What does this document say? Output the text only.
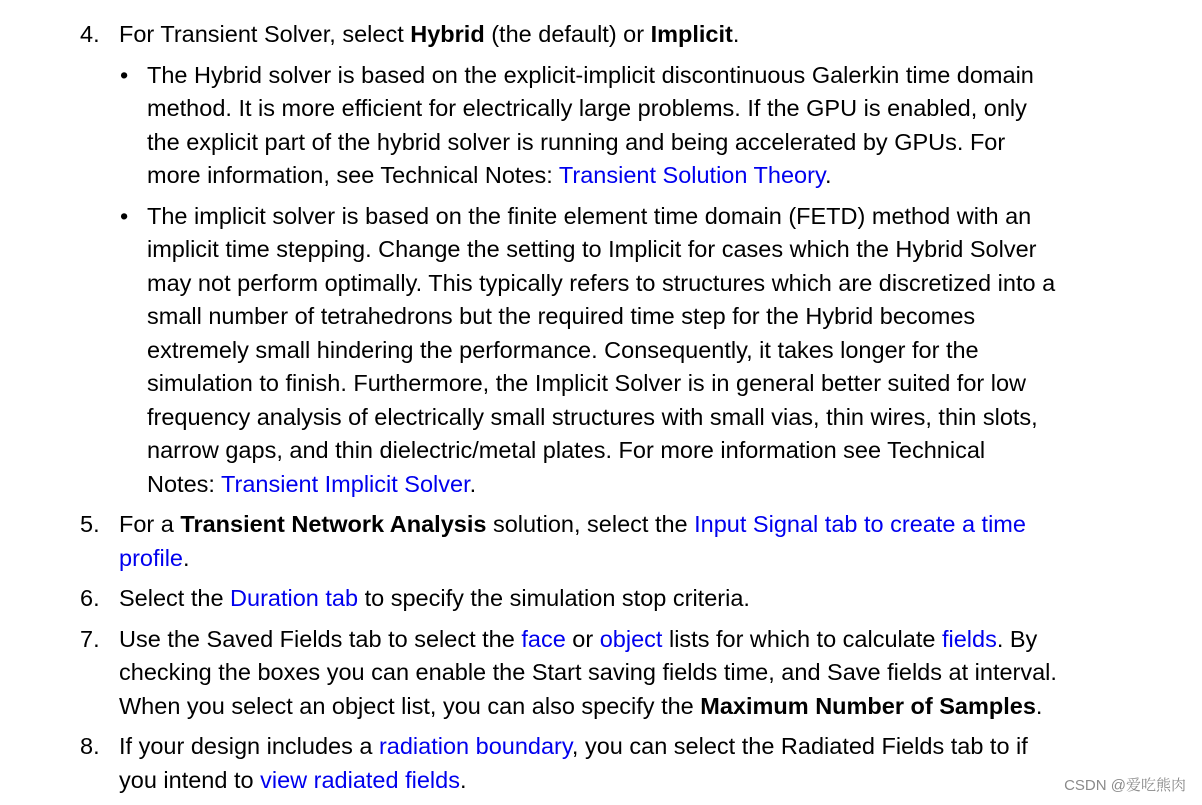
4. For Transient Solver, select Hybrid (the default) or Implicit.
• The Hybrid solver is based on the explicit-implicit discontinuous Galerkin time domain
method. It is more efficient for electrically large problems. If the GPU is enabled, only
the explicit part of the hybrid solver is running and being accelerated by GPUs. For
more information, see Technical Notes: Transient Solution Theory.
• The implicit solver is based on the finite element time domain (FETD) method with an
implicit time stepping. Change the setting to Implicit for cases which the Hybrid Solver
may not perform optimally. This typically refers to structures which are discretized into a
small number of tetrahedrons but the required time step for the Hybrid becomes
extremely small hindering the performance. Consequently, it takes longer for the
simulation to finish. Furthermore, the Implicit Solver is in general better suited for low
frequency analysis of electrically small structures with small vias, thin wires, thin slots,
narrow gaps, and thin dielectric/metal plates. For more information see Technical
Notes: Transient Implicit Solver.
5. For a Transient Network Analysis solution, select the Input Signal tab to create a time
profile.
6. Select the Duration tab to specify the simulation stop criteria.
7. Use the Saved Fields tab to select the face or object lists for which to calculate fields. By
checking the boxes you can enable the Start saving fields time, and Save fields at interval.
When you select an object list, you can also specify the Maximum Number of Samples.
8. If your design includes a radiation boundary, you can select the Radiated Fields tab to if
you intend to view radiated fields.	CSDN @爱吃熊肉
